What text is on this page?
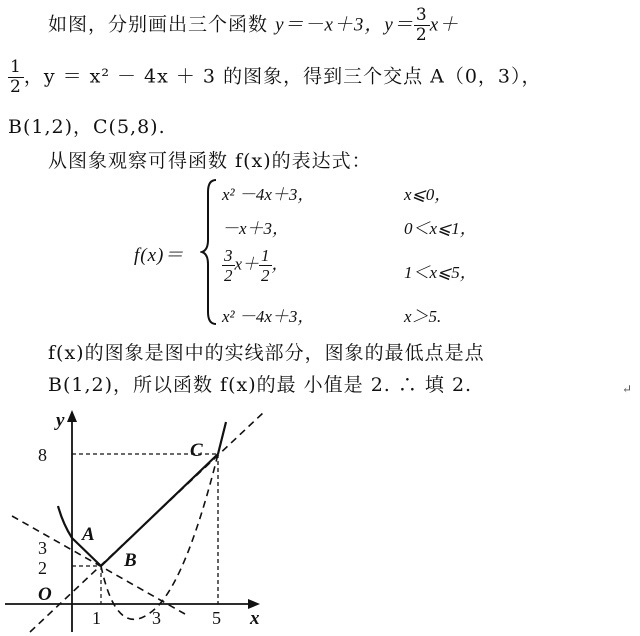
如图，分别画出三个函数 y＝－x＋3，$y= \frac{3}{2} x+$
$\frac{1}{2}$ ，y ＝ x² － 4x ＋ 3 的图象，得到三个交点 A（0，3），
B(1,2)，C(5,8).
从图象观察可得函数 f(x)的表达式：
f(x)＝
x² －4x＋3，	x⩽0，
－x＋3，	0＜x⩽1，
$\frac{3}{2} x+ \frac{1}{2}$ ，	1＜x⩽5，
x² －4x＋3，	x＞5.
f(x)的图象是图中的实线部分，图象的最低点是点
B(1,2)，所以函数 f(x)的最 小值是 2. ∴ 填 2.	↵
y
x
O
A
B
C
8
3
2
1	3	5
